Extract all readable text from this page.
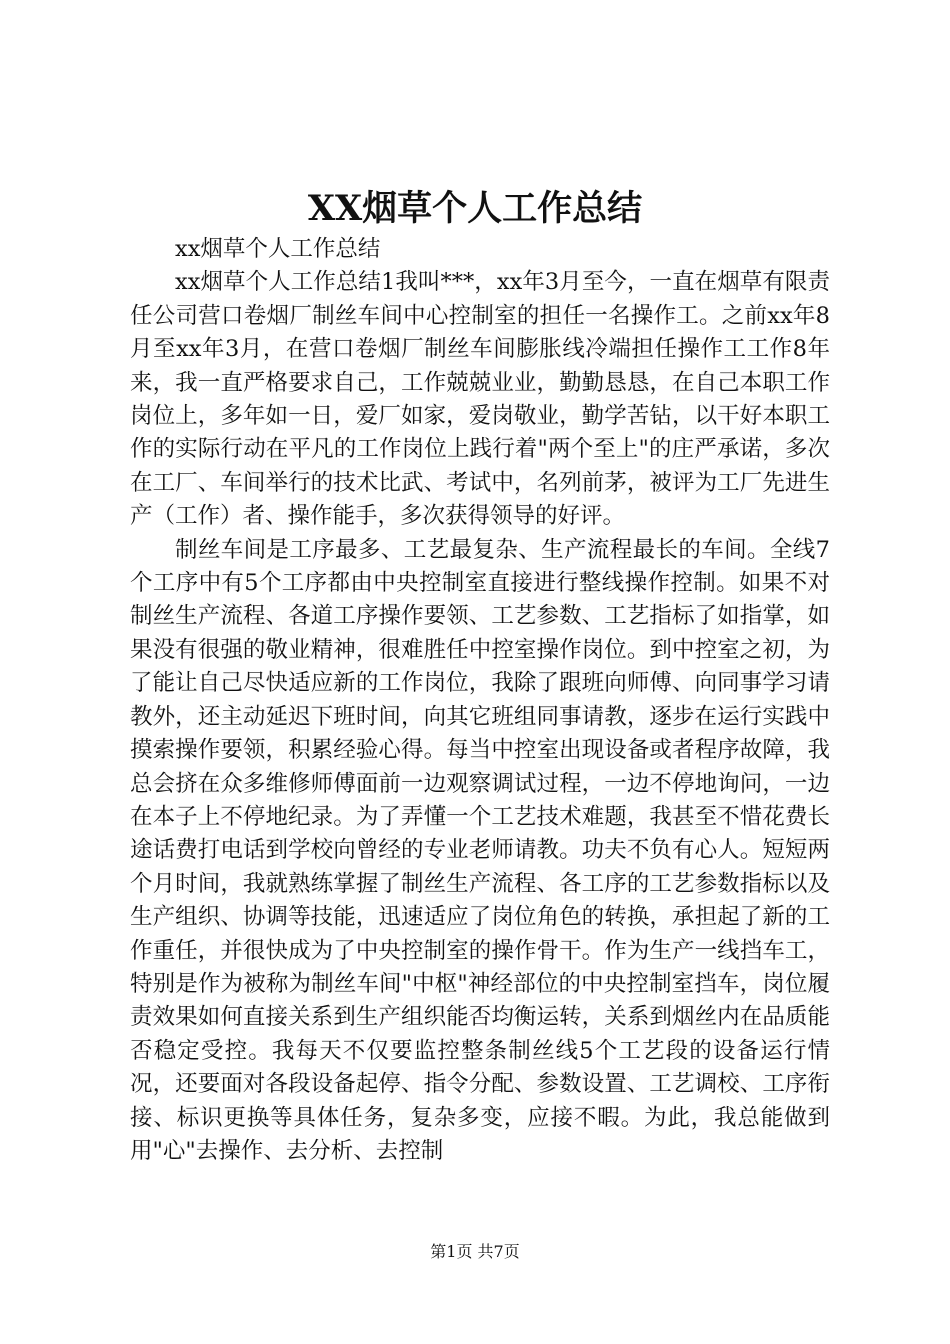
XX烟草个人工作总结

xx烟草个人工作总结

xx烟草个人工作总结1我叫***，xx年3月至今，一直在烟草有限责任公司营口卷烟厂制丝车间中心控制室的担任一名操作工。之前xx年8月至xx年3月，在营口卷烟厂制丝车间膨胀线冷端担任操作工工作8年来，我一直严格要求自己，工作兢兢业业，勤勤恳恳，在自己本职工作岗位上，多年如一日，爱厂如家，爱岗敬业，勤学苦钻，以干好本职工作的实际行动在平凡的工作岗位上践行着"两个至上"的庄严承诺，多次在工厂、车间举行的技术比武、考试中，名列前茅，被评为工厂先进生产（工作）者、操作能手，多次获得领导的好评。

制丝车间是工序最多、工艺最复杂、生产流程最长的车间。全线7个工序中有5个工序都由中央控制室直接进行整线操作控制。如果不对制丝生产流程、各道工序操作要领、工艺参数、工艺指标了如指掌，如果没有很强的敬业精神，很难胜任中控室操作岗位。到中控室之初，为了能让自己尽快适应新的工作岗位，我除了跟班向师傅、向同事学习请教外，还主动延迟下班时间，向其它班组同事请教，逐步在运行实践中摸索操作要领，积累经验心得。每当中控室出现设备或者程序故障，我总会挤在众多维修师傅面前一边观察调试过程，一边不停地询问，一边在本子上不停地纪录。为了弄懂一个工艺技术难题，我甚至不惜花费长途话费打电话到学校向曾经的专业老师请教。功夫不负有心人。短短两个月时间，我就熟练掌握了制丝生产流程、各工序的工艺参数指标以及生产组织、协调等技能，迅速适应了岗位角色的转换，承担起了新的工作重任，并很快成为了中央控制室的操作骨干。作为生产一线挡车工，特别是作为被称为制丝车间"中枢"神经部位的中央控制室挡车，岗位履责效果如何直接关系到生产组织能否均衡运转，关系到烟丝内在品质能否稳定受控。我每天不仅要监控整条制丝线5个工艺段的设备运行情况，还要面对各段设备起停、指令分配、参数设置、工艺调校、工序衔接、标识更换等具体任务，复杂多变，应接不暇。为此，我总能做到用"心"去操作、去分析、去控制

第1页 共7页
